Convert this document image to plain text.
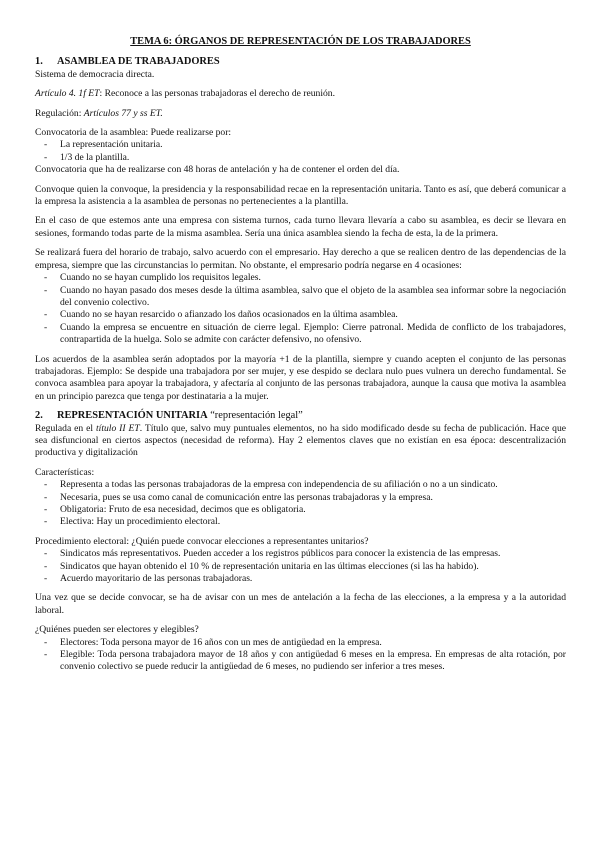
TEMA 6: ÓRGANOS DE REPRESENTACIÓN DE LOS TRABAJADORES
1. ASAMBLEA DE TRABAJADORES

Sistema de democracia directa.

Artículo 4. 1f ET: Reconoce a las personas trabajadoras el derecho de reunión.

Regulación: Artículos 77 y ss ET.

Convocatoria de la asamblea: Puede realizarse por:

- La representación unitaria.
- 1/3 de la plantilla.

Convocatoria que ha de realizarse con 48 horas de antelación y ha de contener el orden del día.

Convoque quien la convoque, la presidencia y la responsabilidad recae en la representación unitaria. Tanto es así, que deberá comunicar a la empresa la asistencia a la asamblea de personas no pertenecientes a la plantilla.

En el caso de que estemos ante una empresa con sistema turnos, cada turno llevara llevaría a cabo su asamblea, es decir se llevara en sesiones, formando todas parte de la misma asamblea. Sería una única asamblea siendo la fecha de esta, la de la primera.

Se realizará fuera del horario de trabajo, salvo acuerdo con el empresario. Hay derecho a que se realicen dentro de las dependencias de la empresa, siempre que las circunstancias lo permitan. No obstante, el empresario podría negarse en 4 ocasiones:

- Cuando no se hayan cumplido los requisitos legales.
- Cuando no hayan pasado dos meses desde la última asamblea, salvo que el objeto de la asamblea sea informar sobre la negociación del convenio colectivo.
- Cuando no se hayan resarcido o afianzado los daños ocasionados en la última asamblea.
- Cuando la empresa se encuentre en situación de cierre legal. Ejemplo: Cierre patronal. Medida de conflicto de los trabajadores, contrapartida de la huelga. Solo se admite con carácter defensivo, no ofensivo.

Los acuerdos de la asamblea serán adoptados por la mayoría +1 de la plantilla, siempre y cuando acepten el conjunto de las personas trabajadoras. Ejemplo: Se despide una trabajadora por ser mujer, y ese despido se declara nulo pues vulnera un derecho fundamental. Se convoca asamblea para apoyar la trabajadora, y afectaría al conjunto de las personas trabajadora, aunque la causa que motiva la asamblea en un principio parezca que tenga por destinataria a la mujer.

2. REPRESENTACIÓN UNITARIA “representación legal”

Regulada en el título II ET. Título que, salvo muy puntuales elementos, no ha sido modificado desde su fecha de publicación. Hace que sea disfuncional en ciertos aspectos (necesidad de reforma). Hay 2 elementos claves que no existían en esa época: descentralización productiva y digitalización

Características:

- Representa a todas las personas trabajadoras de la empresa con independencia de su afiliación o no a un sindicato.
- Necesaria, pues se usa como canal de comunicación entre las personas trabajadoras y la empresa.
- Obligatoria: Fruto de esa necesidad, decimos que es obligatoria.
- Electiva: Hay un procedimiento electoral.

Procedimiento electoral: ¿Quién puede convocar elecciones a representantes unitarios?

- Sindicatos más representativos. Pueden acceder a los registros públicos para conocer la existencia de las empresas.
- Sindicatos que hayan obtenido el 10 % de representación unitaria en las últimas elecciones (si las ha habido).
- Acuerdo mayoritario de las personas trabajadoras.

Una vez que se decide convocar, se ha de avisar con un mes de antelación a la fecha de las elecciones, a la empresa y a la autoridad laboral.

¿Quiénes pueden ser electores y elegibles?

- Electores: Toda persona mayor de 16 años con un mes de antigüedad en la empresa.
- Elegible: Toda persona trabajadora mayor de 18 años y con antigüedad 6 meses en la empresa. En empresas de alta rotación, por convenio colectivo se puede reducir la antigüedad de 6 meses, no pudiendo ser inferior a tres meses.
